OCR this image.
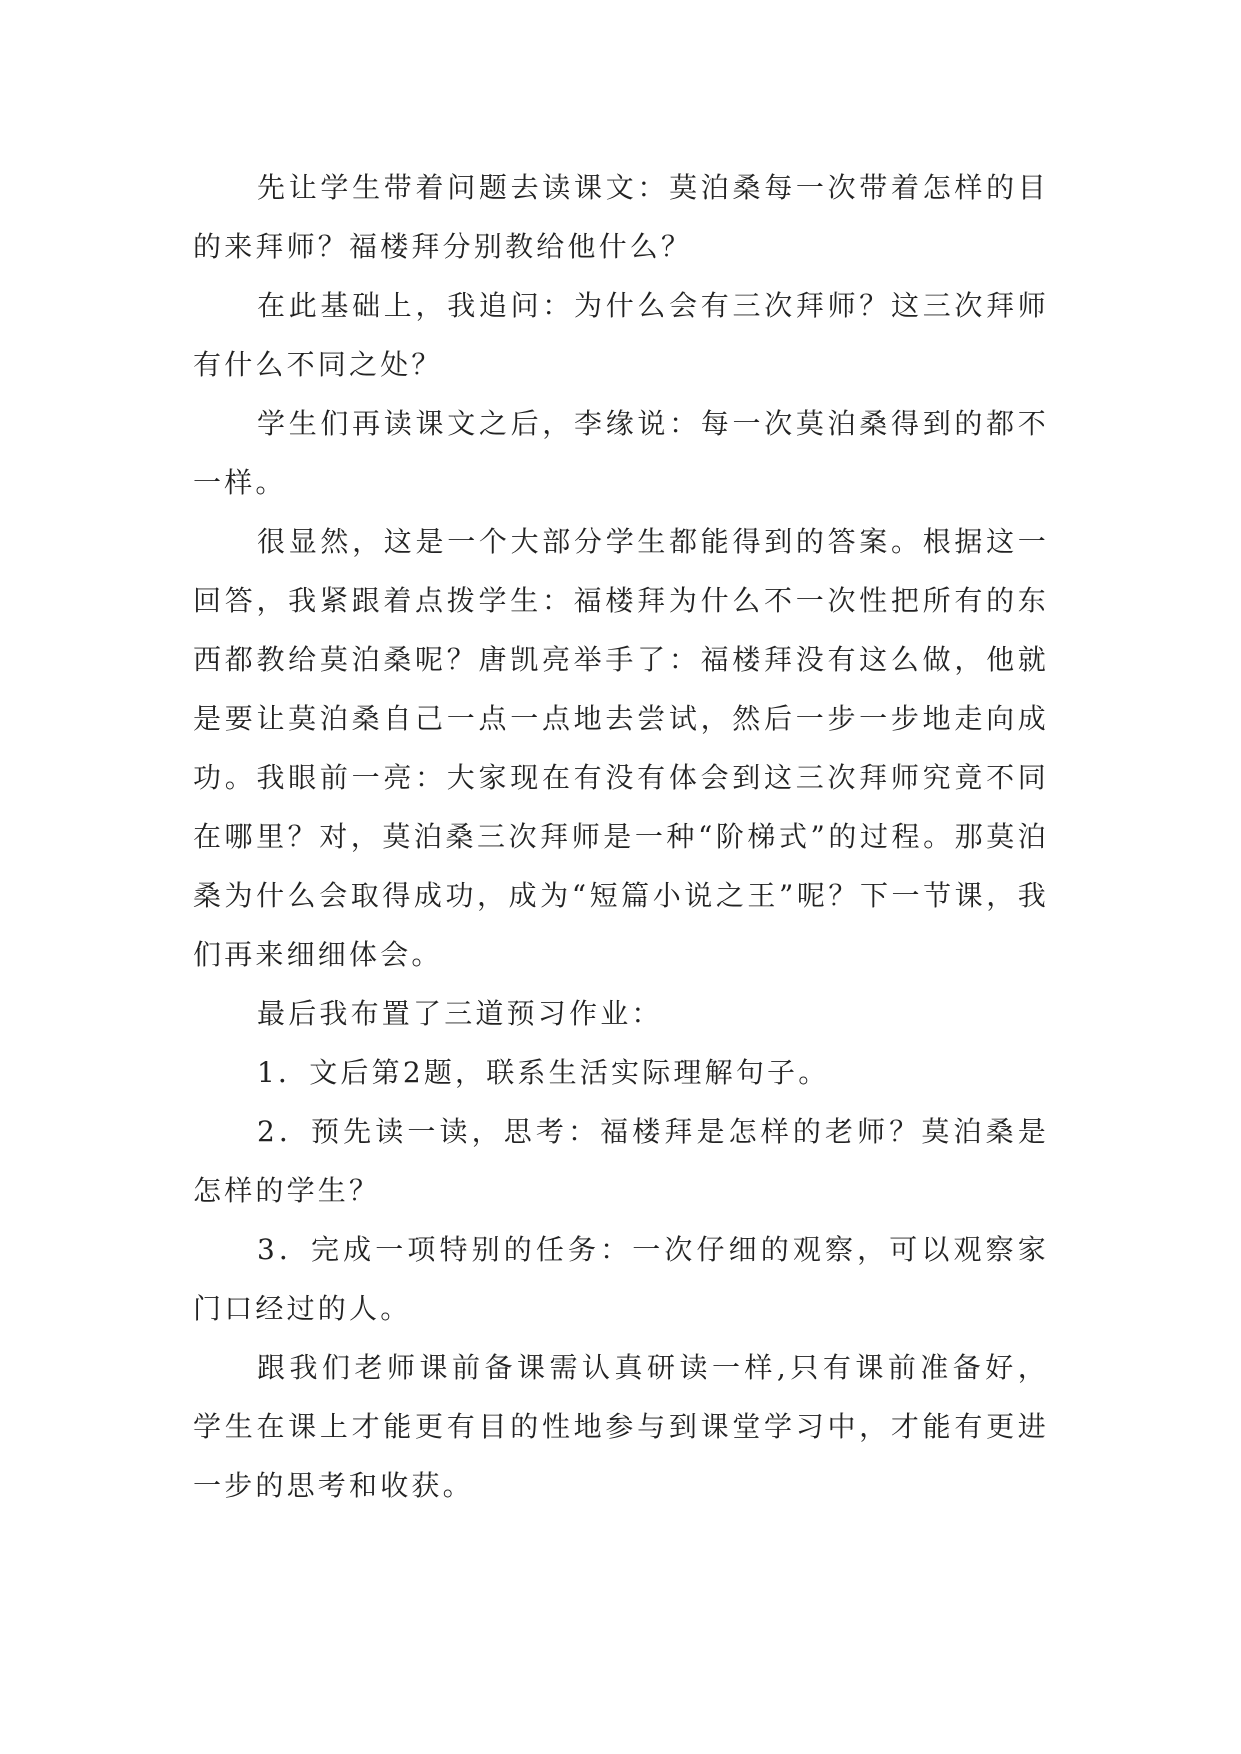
先让学生带着问题去读课文：莫泊桑每一次带着怎样的目的来拜师？福楼拜分别教给他什么？

在此基础上，我追问：为什么会有三次拜师？这三次拜师有什么不同之处？

学生们再读课文之后，李缘说：每一次莫泊桑得到的都不一样。

很显然，这是一个大部分学生都能得到的答案。根据这一回答，我紧跟着点拨学生：福楼拜为什么不一次性把所有的东西都教给莫泊桑呢？唐凯亮举手了：福楼拜没有这么做，他就是要让莫泊桑自己一点一点地去尝试，然后一步一步地走向成功。我眼前一亮：大家现在有没有体会到这三次拜师究竟不同在哪里？对，莫泊桑三次拜师是一种“阶梯式”的过程。那莫泊桑为什么会取得成功，成为“短篇小说之王”呢？下一节课，我们再来细细体会。

最后我布置了三道预习作业：

1．文后第2题，联系生活实际理解句子。

2．预先读一读，思考：福楼拜是怎样的老师？莫泊桑是怎样的学生？

3．完成一项特别的任务：一次仔细的观察，可以观察家门口经过的人。

跟我们老师课前备课需认真研读一样,只有课前准备好，学生在课上才能更有目的性地参与到课堂学习中，才能有更进一步的思考和收获。
